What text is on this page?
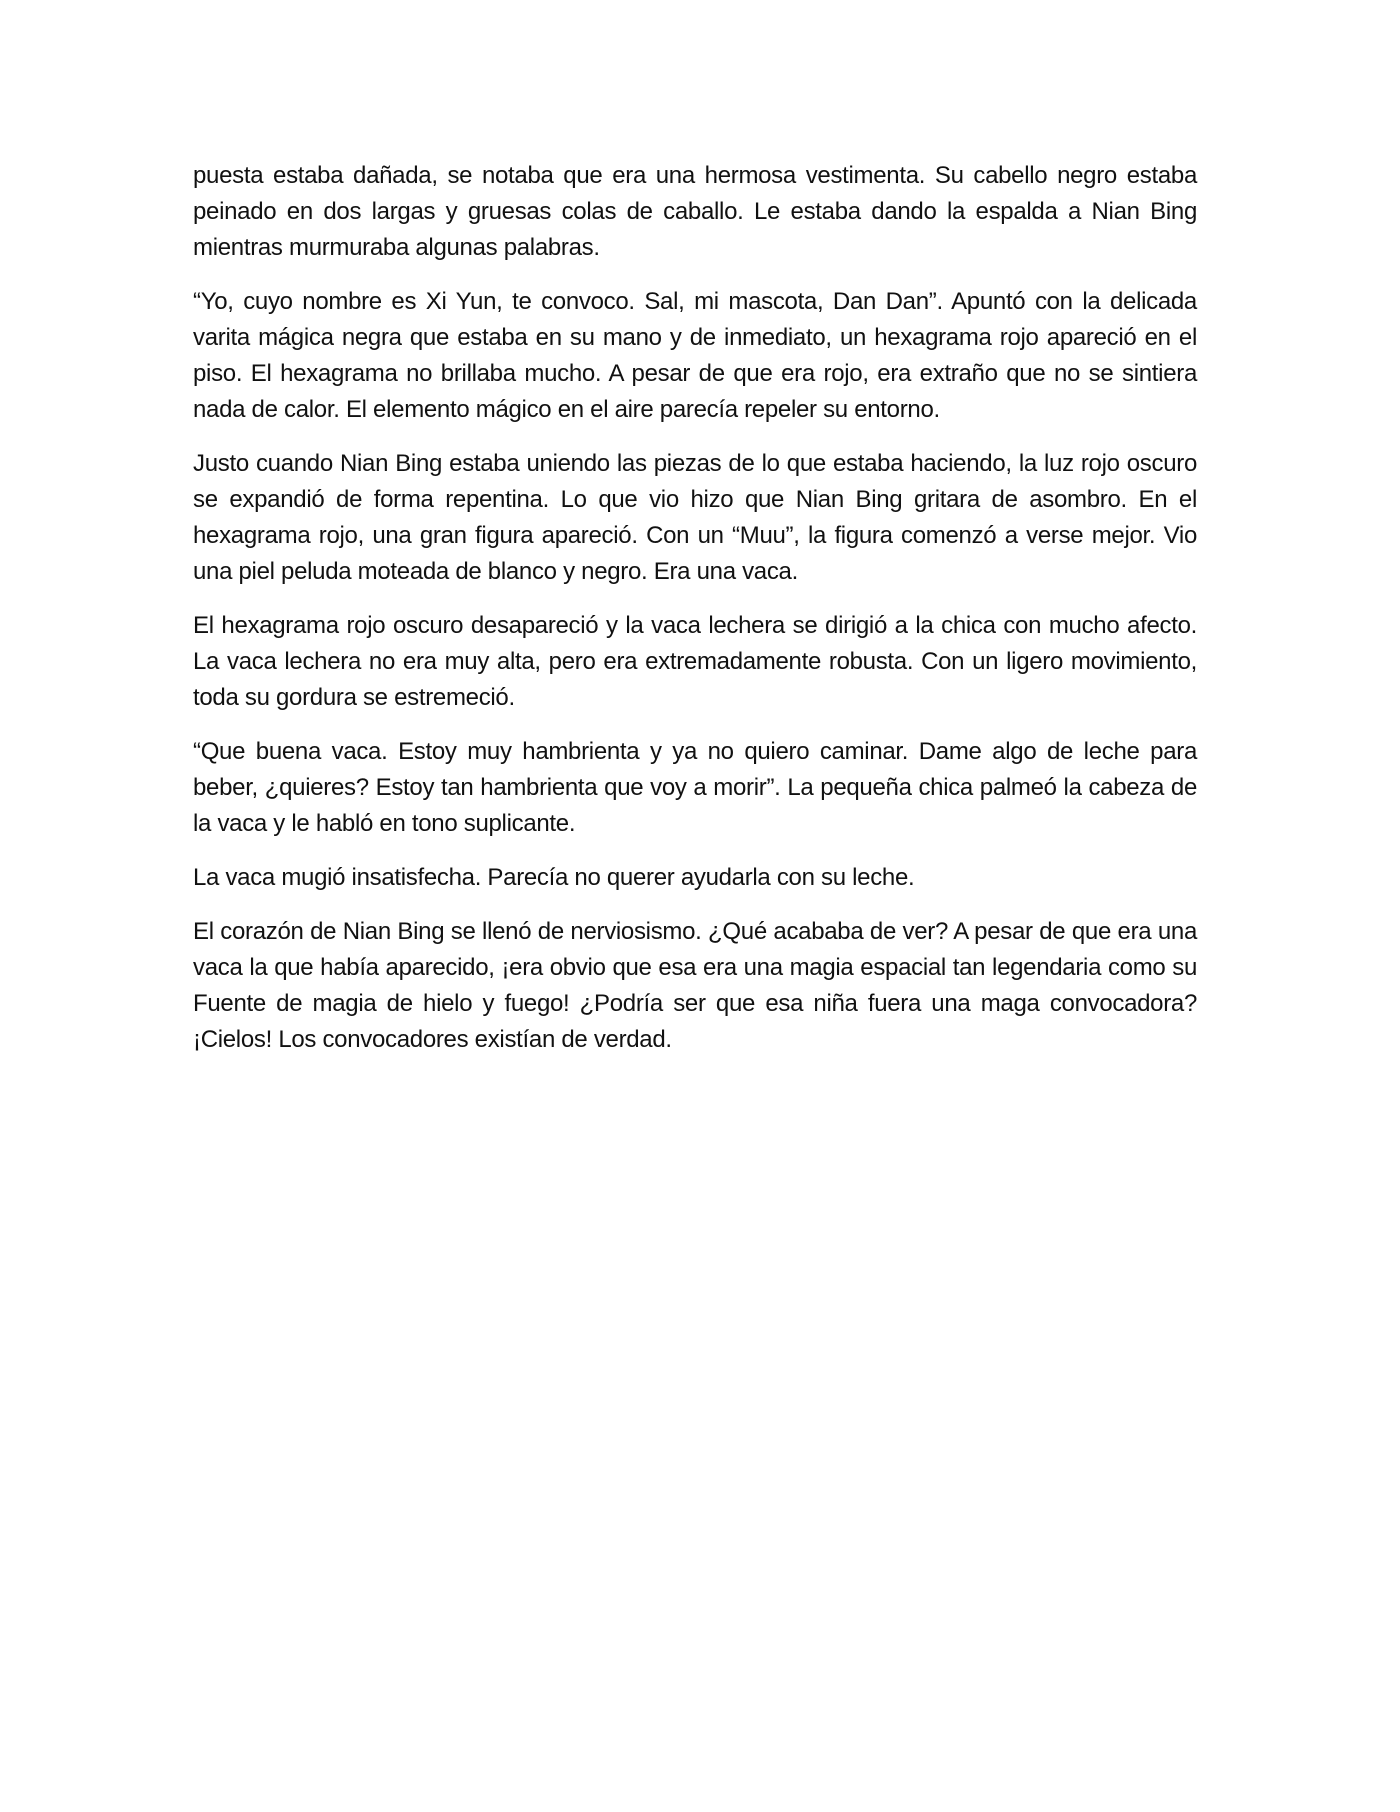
puesta estaba dañada, se notaba que era una hermosa vestimenta. Su cabello negro estaba peinado en dos largas y gruesas colas de caballo. Le estaba dando la espalda a Nian Bing mientras murmuraba algunas palabras.

“Yo, cuyo nombre es Xi Yun, te convoco. Sal, mi mascota, Dan Dan”. Apuntó con la delicada varita mágica negra que estaba en su mano y de inmediato, un hexagrama rojo apareció en el piso. El hexagrama no brillaba mucho. A pesar de que era rojo, era extraño que no se sintiera nada de calor. El elemento mágico en el aire parecía repeler su entorno.

Justo cuando Nian Bing estaba uniendo las piezas de lo que estaba haciendo, la luz rojo oscuro se expandió de forma repentina. Lo que vio hizo que Nian Bing gritara de asombro. En el hexagrama rojo, una gran figura apareció. Con un “Muu”, la figura comenzó a verse mejor. Vio una piel peluda moteada de blanco y negro. Era una vaca.

El hexagrama rojo oscuro desapareció y la vaca lechera se dirigió a la chica con mucho afecto. La vaca lechera no era muy alta, pero era extremadamente robusta. Con un ligero movimiento, toda su gordura se estremeció.

“Que buena vaca. Estoy muy hambrienta y ya no quiero caminar. Dame algo de leche para beber, ¿quieres? Estoy tan hambrienta que voy a morir”. La pequeña chica palmeó la cabeza de la vaca y le habló en tono suplicante.

La vaca mugió insatisfecha. Parecía no querer ayudarla con su leche.

El corazón de Nian Bing se llenó de nerviosismo. ¿Qué acababa de ver? A pesar de que era una vaca la que había aparecido, ¡era obvio que esa era una magia espacial tan legendaria como su Fuente de magia de hielo y fuego! ¿Podría ser que esa niña fuera una maga convocadora? ¡Cielos! Los convocadores existían de verdad.
